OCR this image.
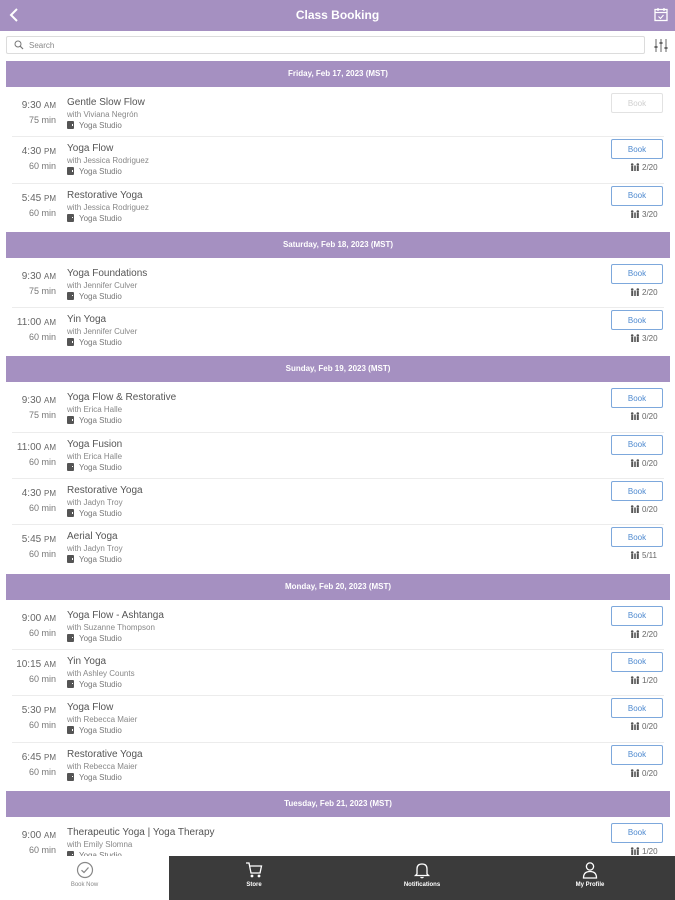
Class Booking
Search
Friday, Feb 17, 2023 (MST)
9:30 AM
75 min
Gentle Slow Flow
with Viviana Negrón
Yoga Studio
Book
4:30 PM
60 min
Yoga Flow
with Jessica Rodriguez
Yoga Studio
Book
2/20
5:45 PM
60 min
Restorative Yoga
with Jessica Rodriguez
Yoga Studio
Book
3/20
Saturday, Feb 18, 2023 (MST)
9:30 AM
75 min
Yoga Foundations
with Jennifer Culver
Yoga Studio
Book
2/20
11:00 AM
60 min
Yin Yoga
with Jennifer Culver
Yoga Studio
Book
3/20
Sunday, Feb 19, 2023 (MST)
9:30 AM
75 min
Yoga Flow & Restorative
with Erica Halle
Yoga Studio
Book
0/20
11:00 AM
60 min
Yoga Fusion
with Erica Halle
Yoga Studio
Book
0/20
4:30 PM
60 min
Restorative Yoga
with Jadyn Troy
Yoga Studio
Book
0/20
5:45 PM
60 min
Aerial Yoga
with Jadyn Troy
Yoga Studio
Book
5/11
Monday, Feb 20, 2023 (MST)
9:00 AM
60 min
Yoga Flow - Ashtanga
with Suzanne Thompson
Yoga Studio
Book
2/20
10:15 AM
60 min
Yin Yoga
with Ashley Counts
Yoga Studio
Book
1/20
5:30 PM
60 min
Yoga Flow
with Rebecca Maier
Yoga Studio
Book
0/20
6:45 PM
60 min
Restorative Yoga
with Rebecca Maier
Yoga Studio
Book
0/20
Tuesday, Feb 21, 2023 (MST)
9:00 AM
60 min
Therapeutic Yoga | Yoga Therapy
with Emily Slomna
Book
1/20
Book Now	Store	Notifications	My Profile
